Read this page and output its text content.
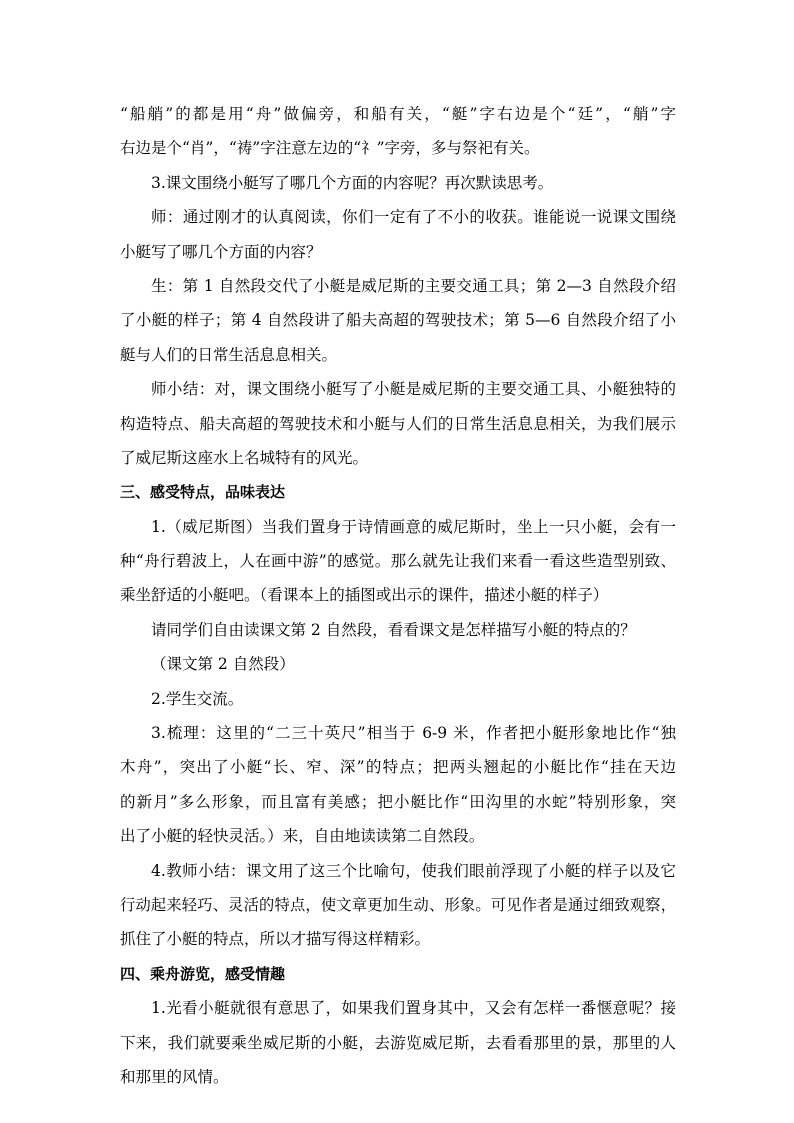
“船艄”的都是用“舟”做偏旁，和船有关，“艇”字右边是个“廷”，“艄”字
右边是个“肖”，“祷”字注意左边的“礻”字旁，多与祭祀有关。
3.课文围绕小艇写了哪几个方面的内容呢？再次默读思考。
师：通过刚才的认真阅读，你们一定有了不小的收获。谁能说一说课文围绕
小艇写了哪几个方面的内容？
生：第 1 自然段交代了小艇是威尼斯的主要交通工具；第 2—3 自然段介绍
了小艇的样子；第 4 自然段讲了船夫高超的驾驶技术；第 5—6 自然段介绍了小
艇与人们的日常生活息息相关。
师小结：对，课文围绕小艇写了小艇是威尼斯的主要交通工具、小艇独特的
构造特点、船夫高超的驾驶技术和小艇与人们的日常生活息息相关，为我们展示
了威尼斯这座水上名城特有的风光。
三、感受特点，品味表达
1.（威尼斯图）当我们置身于诗情画意的威尼斯时，坐上一只小艇，会有一
种“舟行碧波上，人在画中游”的感觉。那么就先让我们来看一看这些造型别致、
乘坐舒适的小艇吧。（看课本上的插图或出示的课件，描述小艇的样子）
请同学们自由读课文第 2 自然段，看看课文是怎样描写小艇的特点的？
（课文第 2 自然段）
2.学生交流。
3.梳理：这里的“二三十英尺”相当于 6-9 米，作者把小艇形象地比作“独
木舟”，突出了小艇“长、窄、深”的特点；把两头翘起的小艇比作“挂在天边
的新月”多么形象，而且富有美感；把小艇比作“田沟里的水蛇”特别形象，突
出了小艇的轻快灵活。）来，自由地读读第二自然段。
4.教师小结：课文用了这三个比喻句，使我们眼前浮现了小艇的样子以及它
行动起来轻巧、灵活的特点，使文章更加生动、形象。可见作者是通过细致观察，
抓住了小艇的特点，所以才描写得这样精彩。
四、乘舟游览，感受情趣
1.光看小艇就很有意思了，如果我们置身其中，又会有怎样一番惬意呢？接
下来，我们就要乘坐威尼斯的小艇，去游览威尼斯，去看看那里的景，那里的人
和那里的风情。
